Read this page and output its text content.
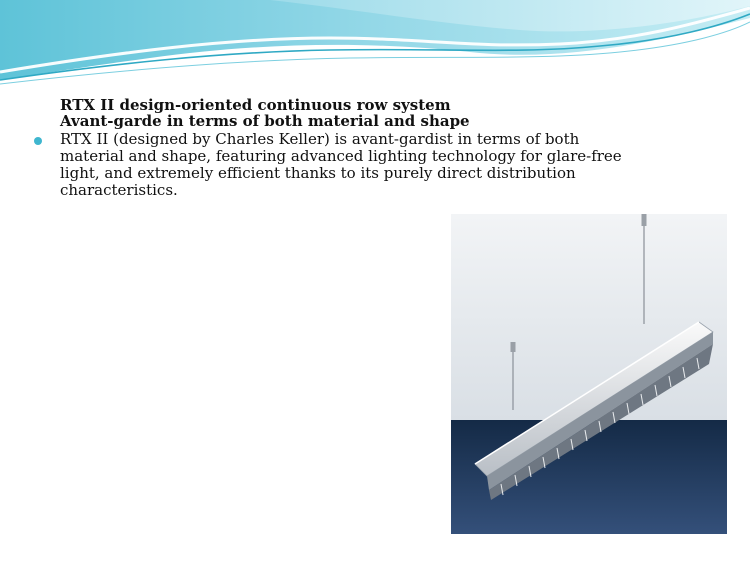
RTX II design-oriented continuous row system
Avant-garde in terms of both material and shape
RTX II (designed by Charles Keller) is avant-gardist in terms of both material and shape, featuring advanced lighting technology for glare-free light, and extremely efficient thanks to its purely direct distribution characteristics.
